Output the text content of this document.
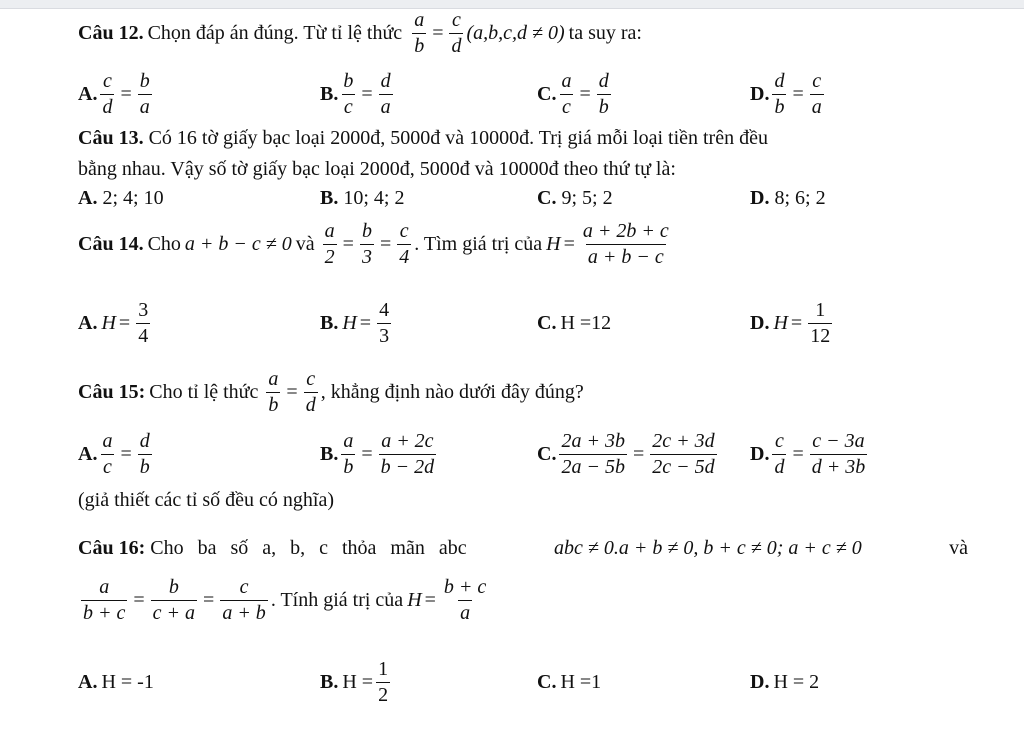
Câu 12. Chọn đáp án đúng. Từ tỉ lệ thức $\frac{a}{b} = \frac{c}{d} (a,b,c,d \ne 0)$ ta suy ra:
A. $\frac{c}{d} = \frac{b}{a}$	B. $\frac{b}{c} = \frac{d}{a}$	C. $\frac{a}{c} = \frac{d}{b}$	D. $\frac{d}{b} = \frac{c}{a}$
Câu 13. Có 16 tờ giấy bạc loại 2000đ, 5000đ và 10000đ. Trị giá mỗi loại tiền trên đều
bằng nhau. Vậy số tờ giấy bạc loại 2000đ, 5000đ và 10000đ theo thứ tự là:
A. 2; 4; 10	B. 10; 4; 2	C. 9; 5; 2	D. 8; 6; 2
Câu 14. Cho a + b − c ≠ 0 và $\frac{a}{2} = \frac{b}{3} = \frac{c}{4}$ . Tìm giá trị của $H = \frac{a + 2b + c}{a + b - c}$
A. $H = \frac{3}{4}$	B. $H = \frac{4}{3}$	C. H =12	D. $H = \frac{1}{12}$
Câu 15: Cho tỉ lệ thức $\frac{a}{b} = \frac{c}{d}$ , khẳng định nào dưới đây đúng?
A. $\frac{a}{c} = \frac{d}{b}$	B. $\frac{a}{b} = \frac{a + 2c}{b - 2d}$	C. $\frac{2a + 3b}{2a - 5b} = \frac{2c + 3d}{2c - 5d} D$. $\frac{c}{d} = \frac{c - 3a}{d + 3b}$
(giả thiết các tỉ số đều có nghĩa)
Câu 16: Cho ba số a, b, c thỏa mãn abc	abc ≠ 0.a + b ≠ 0, b + c ≠ 0; a + c ≠ 0	và
$\frac{a}{b + c} = \frac{b}{c + a} = \frac{c}{a + b}$ . Tính giá trị của $H = \frac{b + c}{a}$
A. H = -1	B. $H = \frac{1}{2}$	C. H =1	D. H = 2
